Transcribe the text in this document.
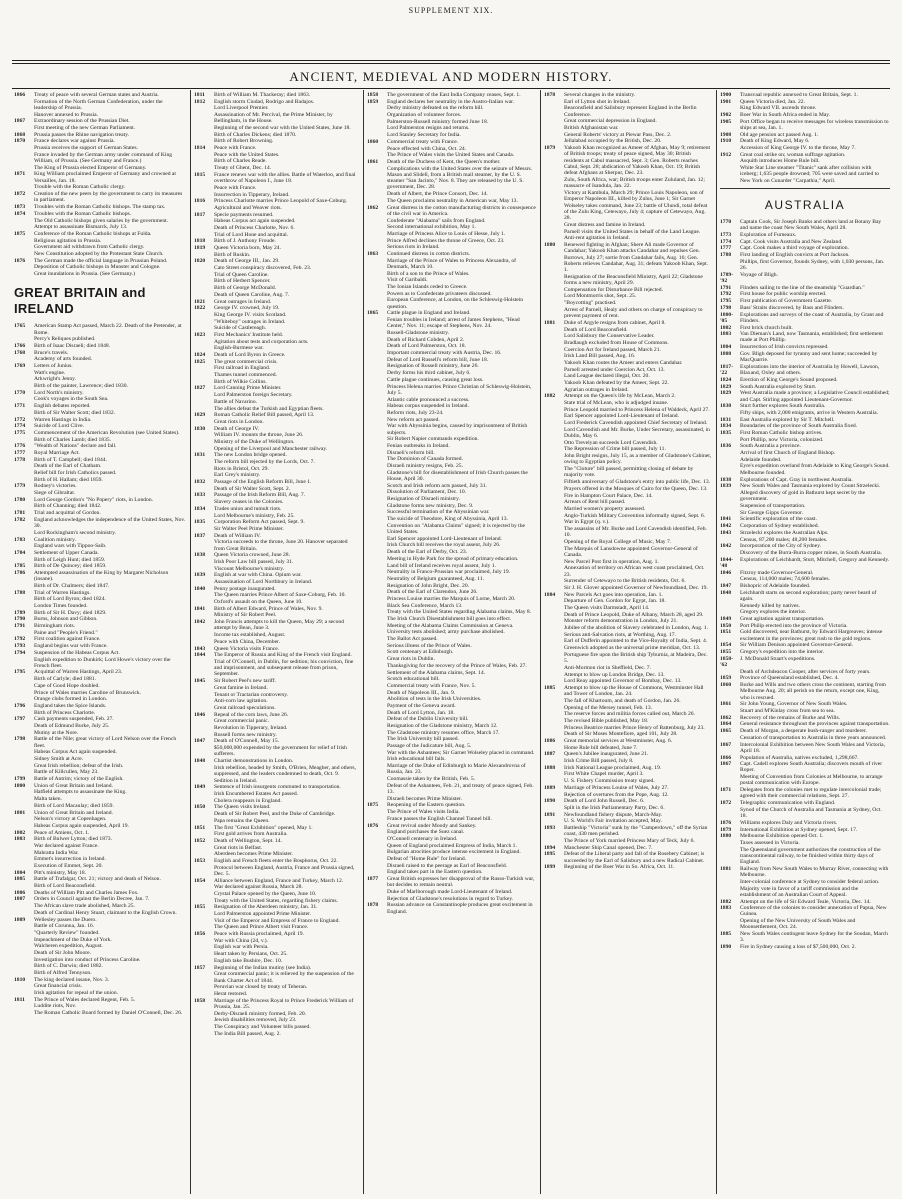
SUPPLEMENT XIX.
ANCIENT, MEDIEVAL AND MODERN HISTORY.
1866	Treaty of peace with several German states and Austria.
Formation of the North German Confederation, under the leadership of Prussia.
Hanover annexed to Prussia.
1867	Extraordinary session of the Prussian Diet.
First meeting of the new German Parliament.
1868	Prussia passes the Rhine navigation treaty.
1870	France declares war against Prussia.
Prussia receives the support of German States.
France invaded by the German army under command of King William, of Prussia. (See Germany and France.)
The King of Prussia elected Emperor of Germany.
1871	King William proclaimed Emperor of Germany and crowned at Versailles, Jan. 18.
Trouble with the Roman Catholic clergy.
1872	Creation of the new peers by the government to carry its measures in parliament.
1873	Troubles with the Roman Catholic bishops. The stamp tax.
1874	Troubles with the Roman Catholic bishops.
The Old Catholic bishops given salaries by the government.
Attempt to assassinate Bismarck, July 13.
1875	Conference of the Roman Catholic bishops at Fulda.
Religious agitation in Prussia.
Government aid withdrawn from Catholic clergy.
New Constitution adopted by the Protestant State Church.
1876	The German made the official language in Prussian Poland.
Deposition of Catholic bishops in Munster and Cologne.
Great inundations in Prussia. (See Germany.)
GREAT BRITAIN and IRELAND
1765	American Stamp Act passed, March 22. Death of the Pretender, at Rome.
Percy's Reliques published.
1766	Birth of Isaac Disraeli; died 1848.
1768	Bruce's travels.
Academy of arts founded.
1769	Letters of Junius.
Watt's engine.
Arkwright's Jenny.
Birth of the painter, Lawrence; died 1830.
1770	Lord North's ministry.
Cook's voyages in the South Sea.
1771	English debates reported.
Birth of Sir Walter Scott; died 1832.
1772	Warren Hastings in India.
1774	Suicide of Lord Clive.
1775	Commencement of the American Revolution (see United States).
Birth of Charles Lamb; died 1835.
1776	"Wealth of Nations" declare and fall.
1777	Royal Marriage Act.
1778	Birth of T. Campbell; died 1844.
Death of the Earl of Chatham.
Relief bill for Irish Catholics passed.
Birth of H. Hallam; died 1859.
1779	Rodney's victories.
Siege of Gibraltar.
1780	Lord George Gordon's "No Popery" riots, in London.
Birth of Channing; died 1842.
1781	Trial and acquittal of Gordon.
1782	England acknowledges the independence of the United States, Nov. 30.
Lord Rockingham's second ministry.
1783	Coalition ministry.
England wars with Tippoo-Saib.
1784	Settlement of Upper Canada.
Birth of Leigh Hunt; died 1859.
1785	Birth of De Quincey; died 1859.
1786	Attempted assassination of the King by Margaret Nicholson (insane).
Birth of Dr. Chalmers; died 1847.
1788	Trial of Warren Hastings.
Birth of Lord Byron; died 1824.
London Times founded.
1789	Birth of Sir H. Davy; died 1829.
1790	Burns, Johnson and Gibbon.
1791	Birmingham riots.
Paine and "People's Friend."
1792	First coalition against France.
1793	England begins war with France.
1794	Suspension of the Habeas Corpus Act.
English expedition to Dunkirk; Lord Howe's victory over the French fleet.
1795	Acquittal of Warren Hastings, April 23.
Birth of Carlyle; died 1881.
Cape of Good Hope doubled.
Prince of Wales marries Caroline of Brunswick.
Orange clubs formed in London.
1796	England takes the Spice Islands.
Birth of Princess Charlotte.
1797	Cash payments suspended, Feb. 27.
Death of Edmund Burke, July 25.
Mutiny at the Nore.
1798	Battle of the Nile; great victory of Lord Nelson over the French fleet.
Habeas Corpus Act again suspended.
Sidney Smith at Acre.
Great Irish rebellion; defeat of the Irish.
Battle of Killcullen, May 23.
1799	Battle of Antrim; victory of the English.
1800	Union of Great Britain and Ireland.
Hatfield attempts to assassinate the King.
Malta taken.
Birth of Lord Macaulay; died 1859.
1801	Union of Great Britain and Ireland.
Nelson's victory at Copenhagen.
Habeas Corpus again suspended, April 19.
1802	Peace of Amiens, Oct. 1.
1803	Birth of Bulwer Lytton; died 1873.
War declared against France.
Mahratta India War.
Emmet's insurrection in Ireland.
Execution of Emmet, Sept. 20.
1804	Pitt's ministry, May 18.
1805	Battle of Trafalgar, Oct. 21; victory and death of Nelson.
Birth of Lord Beaconsfield.
1806	Deaths of William Pitt and Charles James Fox.
1807	Orders in Council against the Berlin Decree, Jan. 7.
The African slave trade abolished, March 25.
Death of Cardinal Henry Stuart, claimant to the English Crown.
1809	Wellesley passes the Duero.
Battle of Corunna, Jan. 16.
"Quarterly Review" founded.
Impeachment of the Duke of York.
Walcheren expedition, August.
Death of Sir John Moore.
Investigation into conduct of Princess Caroline.
Birth of C. Darwin; died 1882.
Birth of Alfred Tennyson.
1810	The king declared insane, Nov. 3.
Great financial crisis.
Irish agitation for repeal of the union.
1811	The Prince of Wales declared Regent, Feb. 5.
Luddite riots, Nov.
The Roman Catholic Board formed by Daniel O'Connell, Dec. 26.
1811	Birth of William M. Thackeray; died 1863.
1812	English storm Ciudad, Rodrigo and Badajos.
Lord Liverpool Premier.
Assassination of Mr. Percival, the Prime Minister, by Bellingham, in the House.
Beginning of the second war with the United States, June 18.
Birth of Charles Dickens; died 1870.
Birth of Robert Browning.
1814	Peace with France.
Peace with the United States.
Birth of Charles Reade.
Treaty of Ghent, Dec. 14.
1815	France renews war with the allies. Battle of Waterloo, and final overthrow of Napoleon I., June 18.
Peace with France.
Insurrection in Tipperary, Ireland.
1816	Princess Charlotte marries Prince Leopold of Saxe-Coburg.
Agricultural and Weaver riots.
1817	Specie payments resumed.
Habeas Corpus act again suspended.
Death of Princess Charlotte, Nov. 6.
Trial of Lord Hone and acquittal.
1818	Birth of J. Anthony Froude.
1819	Queen Victoria born, May 24.
Birth of Ruskin.
1820	Death of George III., Jan. 29.
Cato Street conspiracy discovered, Feb. 23.
Trial of Queen Caroline.
Birth of Herbert Spencer.
Birth of George McDonald.
Death of Queen Caroline, Aug. 7.
1821	Great outrages in Ireland.
1822	George IV. crowned, July 19.
King George IV. visits Scotland.
"Whiteboy" outrages in Ireland.
Suicide of Castlereagh.
1823	First Mechanics' Institute held.
Agitation about tests and corporation acts.
English-Burmese war.
1824	Death of Lord Byron in Greece.
1825	The great commercial crisis.
First railroad in England.
Thames tunnel commenced.
Birth of Wilkie Collins.
1827	Lord Canning Prime Minister.
Lord Palmerston foreign Secretary.
Battle of Navarino.
The allies defeat the Turkish and Egyptian fleets.
1829	Roman Catholic Relief Bill passed, April 13.
Great riots in London.
1830	Death of George IV.
William IV. mounts the throne, June 26.
Ministry of the Duke of Wellington.
Opening of the Liverpool and Manchester railway.
1831	The new London bridge opened.
The reform bill rejected by the Lords, Oct. 7.
Riots in Bristol, Oct. 29.
Earl Grey's ministry.
1832	Passage of the English Reform Bill, June 1.
Death of Sir Walter Scott, Sept. 2.
1833	Passage of the Irish Reform Bill, Aug. 7.
Slavery ceases in the Colonies.
1834	Trades union and tumult riots.
Lord Melbourne's ministry, Feb. 25.
1835	Corporation Reform Act passed, Sept. 9.
Sir Walter Peel Prime Minister.
1837	Death of William IV.
Victoria succeeds to the throne, June 20. Hanover separated from Great Britain.
1838	Queen Victoria crowned, June 28.
Irish Poor Law bill passed, July 31.
Viscount Melbourne's ministry.
1839	English at war with China. Opium war.
Assassination of Lord Northbury in Ireland.
1840	Penny postage inaugurated.
The Queen marries Prince Albert of Saxe-Coburg, Feb. 10.
Oxford's assault on the Queen, June 10.
1841	Birth of Albert Edward, Prince of Wales, Nov. 9.
Ministry of Sir Robert Peel.
1842	John Francis attempts to kill the Queen, May 29; a second attempt by Bean, June 3.
Income tax established, August.
Peace with China, December.
1843	Queen Victoria visits France.
1844	The Emperor of Russia and King of the French visit England.
Trial of O'Connell, in Dublin, for sedition; his conviction, fine and imprisonment, and subsequent release from prison, September.
1845	Sir Robert Peel's new tariff.
Great famine in Ireland.
Tenant or Tractarian controversy.
Anti-corn law agitation.
Great railroad speculations.
1846	Repeal of the corn laws, June 26.
Great commercial panic.
Revolution in Tipperary, Ireland.
Russell forms new ministry.
1847	Death of O'Connell, May 15.
$50,000,000 expended by the government for relief of Irish sufferers.
1848	Chartist demonstrations in London.
Irish rebellion, headed by Smith, O'Brien, Meagher, and others, suppressed, and the leaders condemned to death, Oct. 9.
Sedition in Ireland.
1849	Sentence of Irish insurgents commuted to transportation.
Irish Encumbered Estates Act passed.
Cholera reappears in England.
1850	The Queen visits Ireland.
Death of Sir Robert Peel, and the Duke of Cambridge.
Papa remains the Queen.
1851	The first "Great Exhibition" opened, May 1.
First gold arrives from Australia.
1852	Death of Wellington, Sept. 14.
Great riots in Belfast.
Aberdeen becomes Prime Minister.
1853	English and French fleets enter the Bosphorus, Oct. 22.
Protocol between England, Austria, France and Prussia signed, Dec. 5.
1854	Alliance between England, France and Turkey, March 12.
War declared against Russia, March 28.
Crystal Palace opened by the Queen, June 10.
Treaty with the United States, regarding fishery claims.
1855	Resignation of the Aberdeen ministry, Jan. 31.
Lord Palmerston appointed Prime Minister.
Visit of the Emperor and Empress of France to England.
The Queen and Prince Albert visit France.
1856	Peace with Russia proclaimed, April 19.
War with China (2d, v.).
English war with Persia.
Heart taken by Persians, Oct. 25.
English take Bushire, Dec. 10.
1857	Beginning of the Indian mutiny (see India).
Great commercial panic; it is relieved by the suspension of the Bank Charter Act of 1844.
Peruvian war closed by treaty of Teheran.
Herat restored.
1858	Marriage of the Princess Royal to Prince Frederick William of Prussia, Jan. 25.
Derby-Disraeli ministry formed, Feb. 20.
Jewish disabilities removed, July 23.
The Conspiracy and Volunteer bills passed.
The India Bill passed, Aug. 2.
1858	The government of the East India Company ceases, Sept. 1.
1859	England declares her neutrality in the Austro-Italian war.
Derby ministry defeated on the reform bill.
Organization of volunteer forces.
Palmerston-Russell ministry formed June 18.
Lord Palmerston resigns and returns.
Lord Stanley Secretary for India.
1860	Commercial treaty with France.
Peace effected with China, Oct. 24.
The Prince of Wales visits the United States and Canada.
1861	Death of the Duchess of Kent, the Queen's mother.
Complications with the United States over the seizure of Messrs. Mason and Slidell, from a British mail steamer, by the U. S. steamer "San Jacinto," Nov. 8. They are released by the U. S. government, Dec. 28.
Death of Albert, the Prince Consort, Dec. 14.
The Queen proclaims neutrality in American war, May 13.
1862	Great distress in the cotton manufacturing districts in consequence of the civil war in America.
Confederate "Alabama" sails from England.
Second international exhibition, May 1.
Marriage of Princess Alice to Louis of Hesse, July 1.
Prince Alfred declines the throne of Greece, Oct. 23.
Serious riots in Ireland.
1863	Continued distress in cotton districts.
Marriage of the Prince of Wales to Princess Alexandra, of Denmark, March 10.
Birth of a son to the Prince of Wales.
Visit of Garibaldi.
The Ionian Islands ceded to Greece.
Powers as to Confederate privateers discussed.
European Conference, at London, on the Schleswig-Holstein question.
1865	Cattle plague in England and Ireland.
Fenian troubles in Ireland; arrest of James Stephens, "Head Center," Nov. 11; escape of Stephens, Nov. 24.
Russell-Gladstone ministry.
Death of Richard Cobden, April 2.
Death of Lord Palmerston, Oct. 18.
Important commercial treaty with Austria, Dec. 16.
Defeat of Lord Russell's reform bill, June 18.
Resignation of Russell ministry, June 26.
Derby forms his third cabinet, July 6.
Cattle plague continues, causing great loss.
Princess Helena marries Prince Christian of Schleswig-Holstein, July 5.
Atlantic cable pronounced a success.
Habeas corpus suspended in Ireland.
Reform riots, July 23-24.
New reform act passed.
War with Abyssinia begins, caused by imprisonment of British subjects.
Sir Robert Napier commands expedition.
Fenian outbreaks in Ireland.
Disraeli's reform bill.
The Dominion of Canada formed.
Disraeli ministry resigns, Feb. 25.
Gladstone's bill for disestablishment of Irish Church passes the House, April 30.
Scotch and Irish reform acts passed, July 31.
Dissolution of Parliament, Dec. 10.
Resignation of Disraeli ministry.
Gladstone forms new ministry, Dec. 9.
Successful termination of the Abyssinian war.
The suicide of Theodore, King of Abyssinia, April 13.
Convention on "Alabama Claims" signed; it is rejected by the United States.
Earl Spencer appointed Lord-Lieutenant of Ireland.
Irish Church bill receives the royal assent, July 26.
Death of the Earl of Derby, Oct. 23.
Meeting in Hyde Park for the spread of primary education.
Land bill of Ireland receives royal assent, July 1.
Neutrality in Franco-Prussian war proclaimed, July 19.
Neutrality of Belgium guaranteed, Aug. 11.
Resignation of John Bright, Dec. 20.
Death of the Earl of Clarendon, June 26.
Princess Louise marries the Marquis of Lorne, March 20.
Black Sea Conference, March 13.
Treaty with the United States regarding Alabama claims, May 8.
The Irish Church Disestablishment bill goes into effect.
Meeting of the Alabama Claims Commission at Geneva.
University tests abolished; army purchase abolished.
The Ballot Act passed.
Serious illness of the Prince of Wales.
Scott centenary at Edinburgh.
Great riots in Dublin.
Thanksgiving for the recovery of the Prince of Wales, Feb. 27.
Settlement of the Alabama claims, Sept. 14.
Scotch educational bill.
Commercial treaty with France, Nov. 5.
Death of Napoleon III., Jan. 9.
Abolition of tests in the Irish Universities.
Payment of the Geneva award.
Death of Lord Lytton, Jan. 18.
Defeat of the Dublin University bill.
Resignation of the Gladstone ministry, March 12.
The Gladstone ministry resumes office, March 17.
The Irish University bill passed.
Passage of the Judicature bill, Aug. 5.
War with the Ashantees; Sir Garnet Wolseley placed in command.
Irish educational bill fails.
Marriage of the Duke of Edinburgh to Marie Alexandrovna of Russia, Jan. 23.
Coomassie taken by the British, Feb. 5.
Defeat of the Ashantees, Feb. 21, and treaty of peace signed, Feb. 13.
Disraeli becomes Prime Minister.
1875	Reopening of the Eastern question.
The Prince of Wales visits India.
France passes the English Channel Tunnel bill.
1876	Great revival under Moody and Sankey.
England purchases the Suez canal.
O'Connell centenary in Ireland.
Queen of England proclaimed Empress of India, March 1.
Bulgarian atrocities produce intense excitement in England.
Defeat of "Home Rule" for Ireland.
Disraeli raised to the peerage as Earl of Beaconsfield.
England takes part in the Eastern question.
1877	Great British expresses her disapproval of the Russo-Turkish war, but decides to remain neutral.
Duke of Marlborough made Lord-Lieutenant of Ireland.
Rejection of Gladstone's resolutions in regard to Turkey.
1878	Russian advance on Constantinople produces great excitement in England.
1878	Several changes in the ministry.
Earl of Lytton shot in Ireland.
Beaconsfield and Salisbury represent England in the Berlin Conference.
Great commercial depression in England.
British Afghanistan war.
General Roberts' victory at Piewar Pass, Dec. 2.
Jellalabad occupied by the British, Dec. 20.
1879	Yakoob Khan recognized as Ameer of Afghan, May 9; retirement of British troops; treaty of peace signed, May 30; British residents at Cabul massacred, Sept. 3; Gen. Roberts reaches Cabul, Sept. 28; abdication of Yakoob Khan, Oct. 19; British defeat Afghans at Sherpur, Dec. 23.
Zulu, South Africa, war; British troops enter Zululand, Jan. 12; massacre of Isandula, Jan. 22.
Victory at Kambula, March 29; Prince Louis Napoleon, son of Emperor Napoleon III., killed by Zulus, June 1; Sir Garnet Wolseley takes command, June 23; battle of Ulundi, total defeat of the Zulu King, Cetewayo, July 4; capture of Cetewayo, Aug. 28.
Great distress and famine in Ireland.
Parnell visits the United States in behalf of the Land League.
Anti-rent agitation in Ireland.
1880	Renewed fighting in Afghan; Shere Ali made Governor of Candahar; Yakoob Khan attacks Candahar and repulses Gen. Burrows, July 27; sortie from Candahar fails, Aug. 16; Gen. Roberts relieves Candahar, Aug. 31; defeats Yakoob Khan, Sept. 1.
Resignation of the Beaconsfield Ministry, April 22; Gladstone forms a new ministry, April 29.
Compensation for Disturbance Bill rejected.
Lord Montmorris shot, Sept. 25.
"Boycotting" practised.
Arrest of Parnell, Healy and others on charge of conspiracy to prevent payment of rent.
1881	Duke of Argyle resigns from cabinet, April 8.
Death of Lord Beaconsfield.
Lord Salisbury the Conservative Leader.
Bradlaugh excluded from House of Commons.
Coercion Act for Ireland passed, March 21.
Irish Land Bill passed, Aug. 16.
Yakoob Khan routes the Ameer and enters Candahar.
Parnell arrested under Coercion Act, Oct. 13.
Land League declared illegal, Oct. 20.
Yakoob Khan defeated by the Ameer, Sept. 22.
Agrarian outrages in Ireland.
1882	Attempt on the Queen's life by McLean, March 2.
State trial of McLean, who is adjudged insane.
Prince Leopold married to Princess Helena of Waldeck, April 27.
Earl Spencer appointed Lord-Lieutenant of Ireland.
Lord Frederick Cavendish appointed Chief Secretary of Ireland.
Lord Cavendish and Mr. Burke, Under Secretary, assassinated, in Dublin, May 6.
Otto Trevelyan succeeds Lord Cavendish.
The Repression of Crime bill passed, July 11.
John Bright resigns, July 15, as a member of Gladstone's Cabinet, owing to Egyptian policy.
The "Cloture" bill passed, permitting closing of debate by majority vote.
Fiftieth anniversary of Gladstone's entry into public life, Dec. 13.
Prayers offered in the Mosques of Cairo for the Queen, Dec. 13.
Fire in Hampton Court Palace, Dec. 14.
Arrears of Rent bill passed.
Married women's property assessed.
Anglo-Turkish Military Convention informally signed, Sept. 6.
War in Egypt (q. v.).
The assassins of Mr. Burke and Lord Cavendish identified, Feb. 10.
Opening of the Royal College of Music, May 7.
The Marquis of Lansdowne appointed Governor-General of Canada.
New Parcel Post first in operation, Aug. 1.
Annexation of territory on African west coast proclaimed, Oct. 23.
Surrender of Cetewayo to the British residents, Oct. 6.
Sir J. H. Glover appointed Governor of Newfoundland, Dec. 19.
1884	New Parcels Act goes into operation, Jan. 1.
Departure of Gen. Gordon for Egypt, Jan. 18.
The Queen visits Darmstadt, April 14.
Death of Prince Leopold, Duke of Albany, March 28, aged 29.
Monster reform demonstration in London, July 21.
Jubilee of the abolition of Slavery celebrated in London, Aug. 1.
Serious anti-Salvation riots, at Worthing, Aug. 17.
Earl of Dufferin appointed to the Vice-Royalty of India, Sept. 4.
Greenwich adopted as the universal prime meridian, Oct. 13.
Portuguese fire upon the British ship Tyburnia, at Madeira, Dec. 5.
Anti-Mormon riot in Sheffield, Dec. 7.
Attempt to blow up London Bridge, Dec. 13.
Lord Reay appointed Governor of Bombay, Dec. 13.
1885	Attempt to blow up the House of Commons, Westminster Hall and Tower of London, Jan. 24.
The fall of Khartoum, and death of Gordon, Jan. 26.
Opening of the Mersey tunnel, Feb. 13.
The reserve forces and militia forces called out, March 26.
The revised Bible published, May 18.
Princess Beatrice marries Prince Henry of Battenburg, July 23.
Death of Sir Moses Montefiore, aged 101, July 28.
1886	Great memorial services at Westminster, Aug. 6.
Home Rule bill defeated, June 7.
1887	Queen's Jubilee inaugurated, June 21.
Irish Crime Bill passed, July 8.
1888	Irish National League proclaimed, Aug. 19.
First White Chapel murder, April 3.
U. S. Fishery Commission treaty signed.
1889	Marriage of Princess Louise of Wales, July 27.
Rejection of overtures from the Pope, Aug. 12.
1890	Death of Lord John Russell, Dec. 6.
Split in the Irish Parliamentary Party, Dec. 6.
1891	Newfoundland fishery dispute, March-May.
U. S. World's Fair invitation accepted, May.
1893	Battleship "Victoria" sunk by the "Camperdown," off the Syrian coast, 430 men perished.
The Prince of York married Princess Mary of Teck, July 6.
1894	Manchester Ship Canal opened, Dec. 7.
1895	Defeat of the Liberal party and fall of the Rosebery Cabinet; is succeeded by the Earl of Salisbury and a new Radical Cabinet.
1899	Beginning of the Boer War in So. Africa, Oct. 11.
1900	Transvaal republic annexed to Great Britain, Sept. 1.
1901	Queen Victoria died, Jan. 22.
King Edward VII. ascends throne.
1902	Boer War in South Africa ended in May.
1905	Port Office began to receive messages for wireless transmission to ships at sea, Jan. 1.
1908	Old age pension act passed Aug. 1.
1910	Death of King Edward, May 6.
Accession of King George IV. to the throne, May 7.
1912	Great coal strike on; woman suffrage agitation.
Asquith introduces Home Rule bill.
White Star Line steamer "Titanic" sank after collision with iceberg; 1,635 people drowned; 705 were saved and carried to New York on Cunarder "Carpathia," April.
AUSTRALIA
1770	Captain Cook, Sir Joseph Banks and others land at Botany Bay and name the coast New South Wales, April 28.
1773	Exploration of Furneaux.
1774	Capt. Cook visits Australia and New Zealand.
1777	Capt. Cook makes a third voyage of exploration.
1788	First landing of English convicts at Port Jackson.
Phillips, first Governor, founds Sydney, with 1,030 persons, Jan. 26.
1789-'92
Voyage of Bligh.
1791	Flinders sailing to the line of the steamship "Guardian."
1792	First house for public worship erected.
1795	First publication of Government Gazette.
1798	Bass' Straits discovered, by Bass and Flinders.
1800-'05
Explorations and surveys of the coast of Australia, by Grant and Flinders.
1802	First brick church built.
1803	Van Dieman's Land, now Tasmania, established; first settlement made at Port Phillip.
1804	Insurrection of Irish convicts repressed.
1808	Gov. Bligh deposed for tyranny and sent home; succeeded by MacQuarrie.
1817-'22
Explorations into the interior of Australia by Howell, Lawson, Blaxand, Oxley and others.
1824	Erection of King George's Sound proposed.
1829	South Australia explored by Sturt.
1829	West Australia made a province; a Legislative Council established; and Capt. Stirling appointed Lieutenant-Governor.
1830	Sturt further explores South Australia.
Fifty ships, with 2,000 emigrants, arrive in Western Australia.
1831	East Australia explored by Sir T. Mitchell.
1834	Boundaries of the province of South Australia fixed.
1835	First Roman Catholic bishop arrives.
Port Phillip, now Victoria, colonized.
1836	South Australia a province.
Arrival of first Church of England Bishop.
Adelaide founded.
Eyre's expedition overland from Adelaide to King George's Sound.
Melbourne founded.
1838	Explorations of Capt. Gray in northwest Australia.
1839	New South Wales and Tasmania explored by Count Strzelecki.
Alleged discovery of gold in Bathurst kept secret by the government.
Suspension of transportation.
Sir George Gipps Governor.
1841	Scientific exploration of the coast.
1842	Corporation of Sydney established.
1843	Strzelecki explores the Australian Alps.
Census, 87,200 males; 48,200 females.
1842	Incorporation of the City of Sydney.
Discovery of the Burra-Burra copper mines, in South Australia.
1844-'48
Explorations of Leichhardt, Sturt, Mitchell, Gregory and Kennedy.
1846	Fitzroy made Governor-General.
Census, 114,000 males; 74,600 females.
1847	Bishopric of Adelaide founded.
1848	Leichhardt starts on second exploration; party never heard of again.
Kennedy killed by natives.
Gregory explores the interior.
1849	Great agitation against transportation.
1850	Port Philip erected into the province of Victoria.
1851	Gold discovered, near Bathurst, by Edward Hargreaves; intense excitement in the provinces; great rush to the gold regions.
1854	Sir William Denison appointed Governor-General.
1855	Gregory's expedition into the interior.
1858-'62
J. McDonald Stuart's expeditions.
Death of Archdeacon Cooper, after services of forty years.
1859	Province of Queensland established, Dec. 4.
1860	Burke and Wills and two others cross the continent, starting from Melbourne Aug. 20; all perish on the return, except one, King, who is rescued.
1861	Sir John Young, Governor of New South Wales.
Stuart and M'Kinlay cross from sea to sea.
1862	Recovery of the remains of Burke and Wills.
1864	General resistance throughout the provinces against transportation.
1865	Death of Morgan, a desperate bush-ranger and murderer.
Cessation of transportation to Australia in three years announced.
1867	Intercolonial Exhibition between New South Wales and Victoria, April 18.
1866	Population of Australia, natives excluded, 1,298,667.
1867	Capt. Cadell explores South Australia; discovers mouth of river Roper.
Meeting of Convention from Colonies at Melbourne, to arrange postal communication with Europe.
1871	Delegates from the colonies met to regulate intercolonial trade; agreed with their commercial relations, Sept. 27.
1872	Telegraphic communication with England.
Synod of the Church of Australia and Tasmania at Sydney, Oct. 18.
1876	Williams explores Daly and Victoria rivers.
1879	International Exhibition at Sydney opened, Sept. 17.
1880	Melbourne Exhibition opened Oct. 1.
Taxes assessed in Victoria.
The Queensland government authorizes the construction of the transcontinental railway, to be finished within thirty days of England.
1881	Railway from New South Wales to Murray River, connecting with Melbourne.
Inter-colonial conference at Sydney to consider federal action.
Majority vote in favor of a tariff commission and the establishment of an Australian Court of Appeal.
1882	Attempt on the life of Sir Edward Teale, Victoria, Dec. 14.
1883	Conference of the colonies to consider annexation of Papua, New Guinea.
Opening of the New University of South Wales and Moonsettlement, Oct. 24.
1885	New South Wales contingent leave Sydney for the Soudan, March 3.
1890	Fire in Sydney causing a loss of $7,500,000, Oct. 2.
